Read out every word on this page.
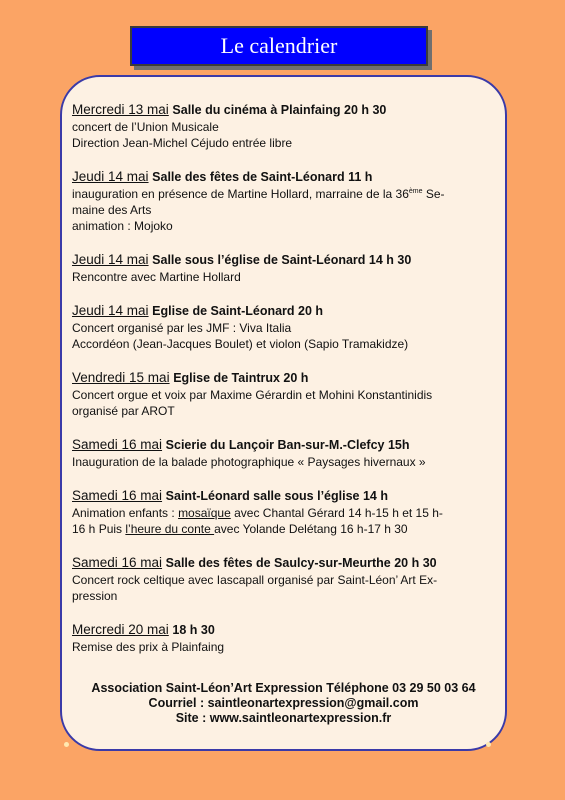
Le calendrier
Mercredi 13 mai Salle du cinéma à Plainfaing 20 h 30
concert de l’Union Musicale
Direction Jean-Michel Céjudo entrée libre
Jeudi 14 mai Salle des fêtes de Saint-Léonard 11 h
inauguration en présence de Martine Hollard, marraine de la 36ème Se-
maine des Arts
animation : Mojoko
Jeudi 14 mai Salle sous l’église de Saint-Léonard 14 h 30
Rencontre avec Martine Hollard
Jeudi 14 mai Eglise de Saint-Léonard 20 h
Concert organisé par les JMF : Viva Italia
Accordéon (Jean-Jacques Boulet) et violon (Sapio Tramakidze)
Vendredi 15 mai Eglise de Taintrux 20 h
Concert orgue et voix par Maxime Gérardin et Mohini Konstantinidis
organisé par AROT
Samedi 16 mai Scierie du Lançoir Ban-sur-M.-Clefcy 15h
Inauguration de la balade photographique « Paysages hivernaux »
Samedi 16 mai Saint-Léonard salle sous l’église 14 h
Animation enfants : mosaïque avec Chantal Gérard 14 h-15 h et 15 h-
16 h Puis l’heure du conte avec Yolande Delétang 16 h-17 h 30
Samedi 16 mai Salle des fêtes de Saulcy-sur-Meurthe 20 h 30
Concert rock celtique avec Iascapall organisé par Saint-Léon’ Art Ex-
pression
Mercredi 20 mai 18 h 30
Remise des prix à Plainfaing
Association Saint-Léon’Art Expression Téléphone 03 29 50 03 64
Courriel : saintleonartexpression@gmail.com
Site : www.saintleonartexpression.fr
